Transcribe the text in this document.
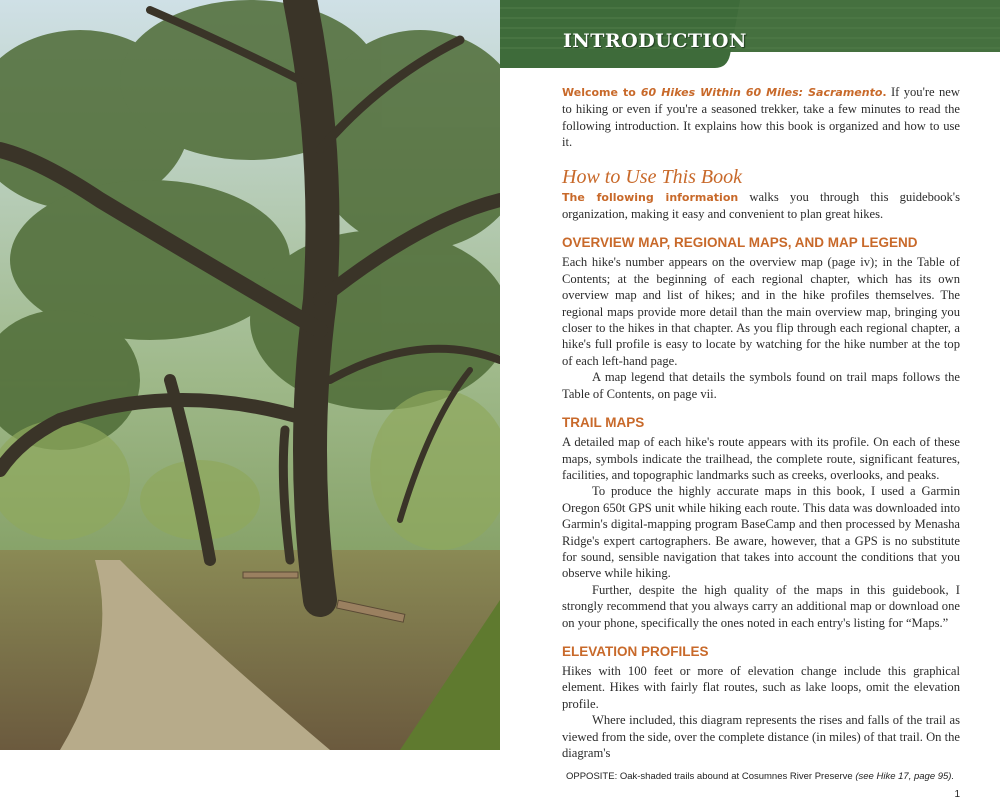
INTRODUCTION

Welcome to 60 Hikes Within 60 Miles: Sacramento. If you're new to hiking or even if you're a seasoned trekker, take a few minutes to read the following introduction. It explains how this book is organized and how to use it.

How to Use This Book

The following information walks you through this guidebook's organization, making it easy and convenient to plan great hikes.

OVERVIEW MAP, REGIONAL MAPS, AND MAP LEGEND

Each hike's number appears on the overview map (page iv); in the Table of Contents; at the beginning of each regional chapter, which has its own overview map and list of hikes; and in the hike profiles themselves. The regional maps provide more detail than the main overview map, bringing you closer to the hikes in that chapter. As you flip through each regional chapter, a hike's full profile is easy to locate by watching for the hike number at the top of each left-hand page.

A map legend that details the symbols found on trail maps follows the Table of Contents, on page vii.

TRAIL MAPS

A detailed map of each hike's route appears with its profile. On each of these maps, symbols indicate the trailhead, the complete route, significant features, facilities, and topographic landmarks such as creeks, overlooks, and peaks.

To produce the highly accurate maps in this book, I used a Garmin Oregon 650t GPS unit while hiking each route. This data was downloaded into Garmin's digital-mapping program BaseCamp and then processed by Menasha Ridge's expert cartographers. Be aware, however, that a GPS is no substitute for sound, sensible navigation that takes into account the conditions that you observe while hiking.

Further, despite the high quality of the maps in this guidebook, I strongly recommend that you always carry an additional map or download one on your phone, specifically the ones noted in each entry's listing for “Maps.”

ELEVATION PROFILES

Hikes with 100 feet or more of elevation change include this graphical element. Hikes with fairly flat routes, such as lake loops, omit the elevation profile.

Where included, this diagram represents the rises and falls of the trail as viewed from the side, over the complete distance (in miles) of that trail. On the diagram's

OPPOSITE: Oak-shaded trails abound at Cosumnes River Preserve (see Hike 17, page 95).

1
